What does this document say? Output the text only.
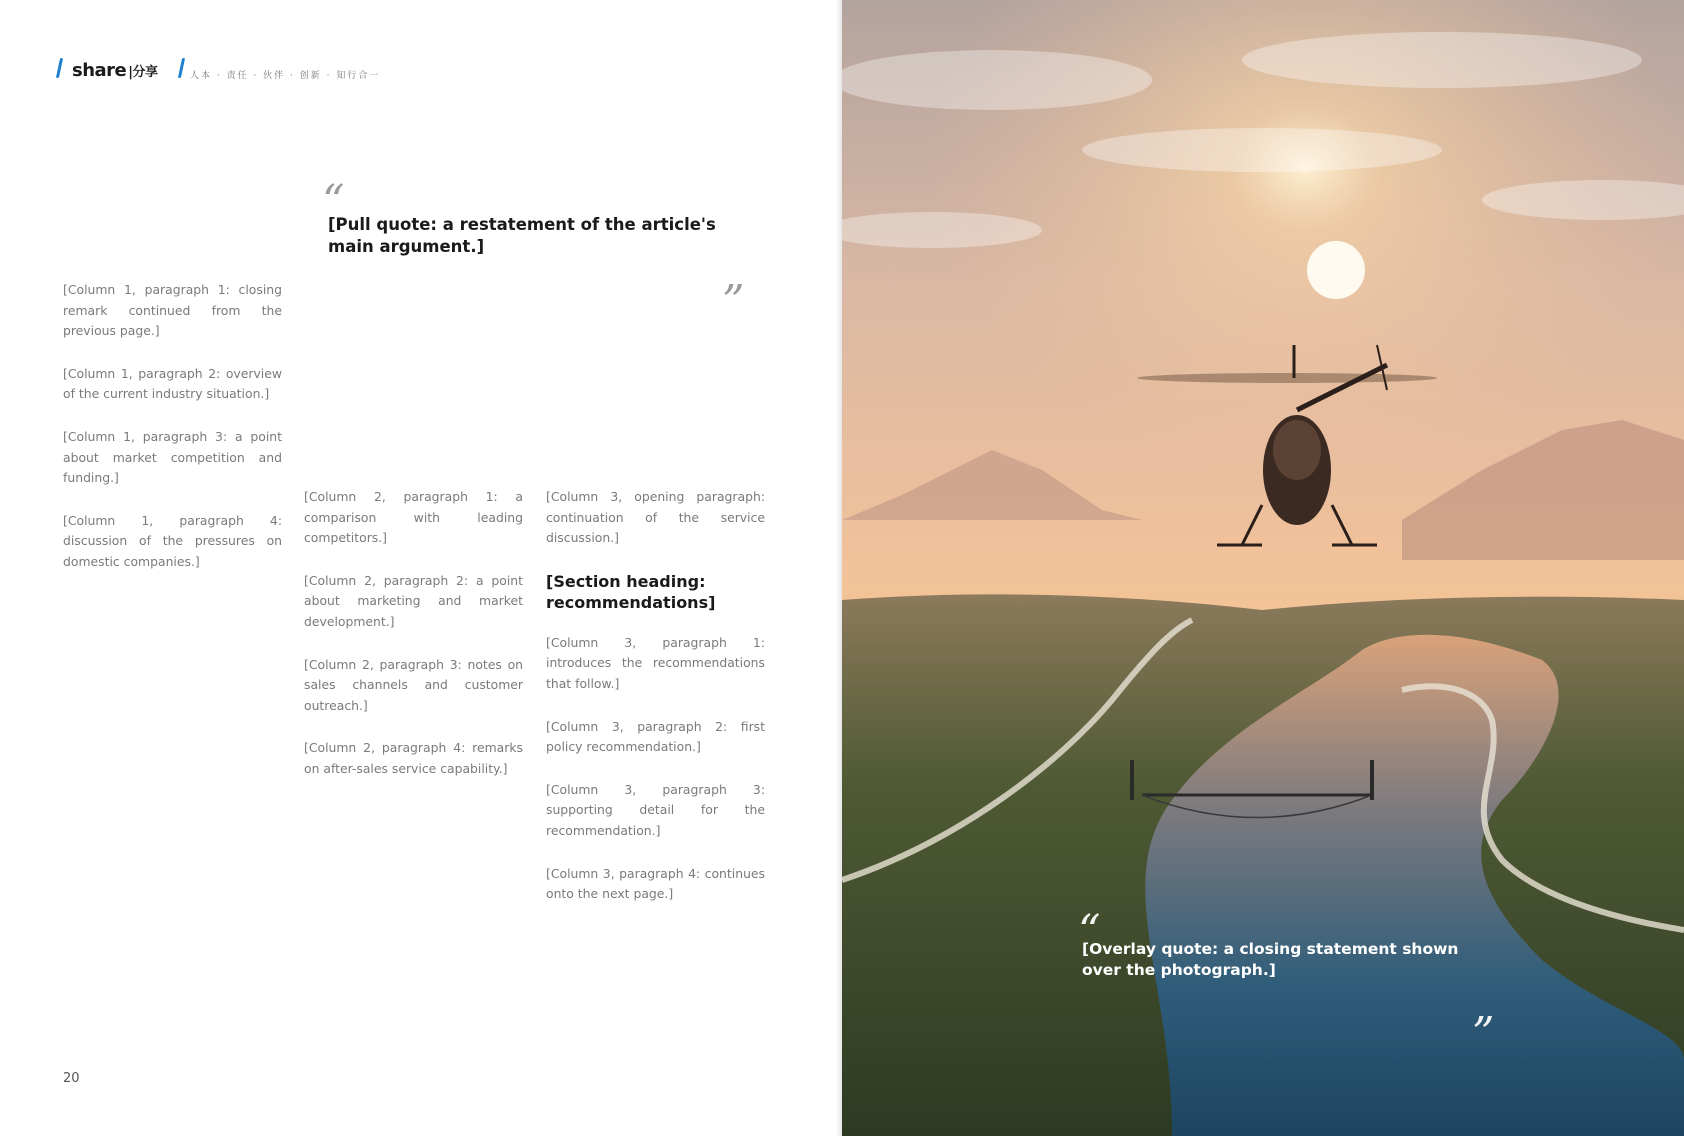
share |分享	人本 · 责任 · 伙伴 · 创新 · 知行合一
“

[Pull quote: a restatement of the article's main argument.]

”

[Column 1, paragraph 1: closing remark continued from the previous page.]

[Column 1, paragraph 2: overview of the current industry situation.]

[Column 1, paragraph 3: a point about market competition and funding.]

[Column 1, paragraph 4: discussion of the pressures on domestic companies.]

[Column 2, paragraph 1: a comparison with leading competitors.]

[Column 2, paragraph 2: a point about marketing and market development.]

[Column 2, paragraph 3: notes on sales channels and customer outreach.]

[Column 2, paragraph 4: remarks on after-sales service capability.]

[Column 3, opening paragraph: continuation of the service discussion.]

[Section heading: recommendations]

[Column 3, paragraph 1: introduces the recommendations that follow.]

[Column 3, paragraph 2: first policy recommendation.]

[Column 3, paragraph 3: supporting detail for the recommendation.]

[Column 3, paragraph 4: continues onto the next page.]

20
“
”

[Overlay quote: a closing statement shown over the photograph.]
